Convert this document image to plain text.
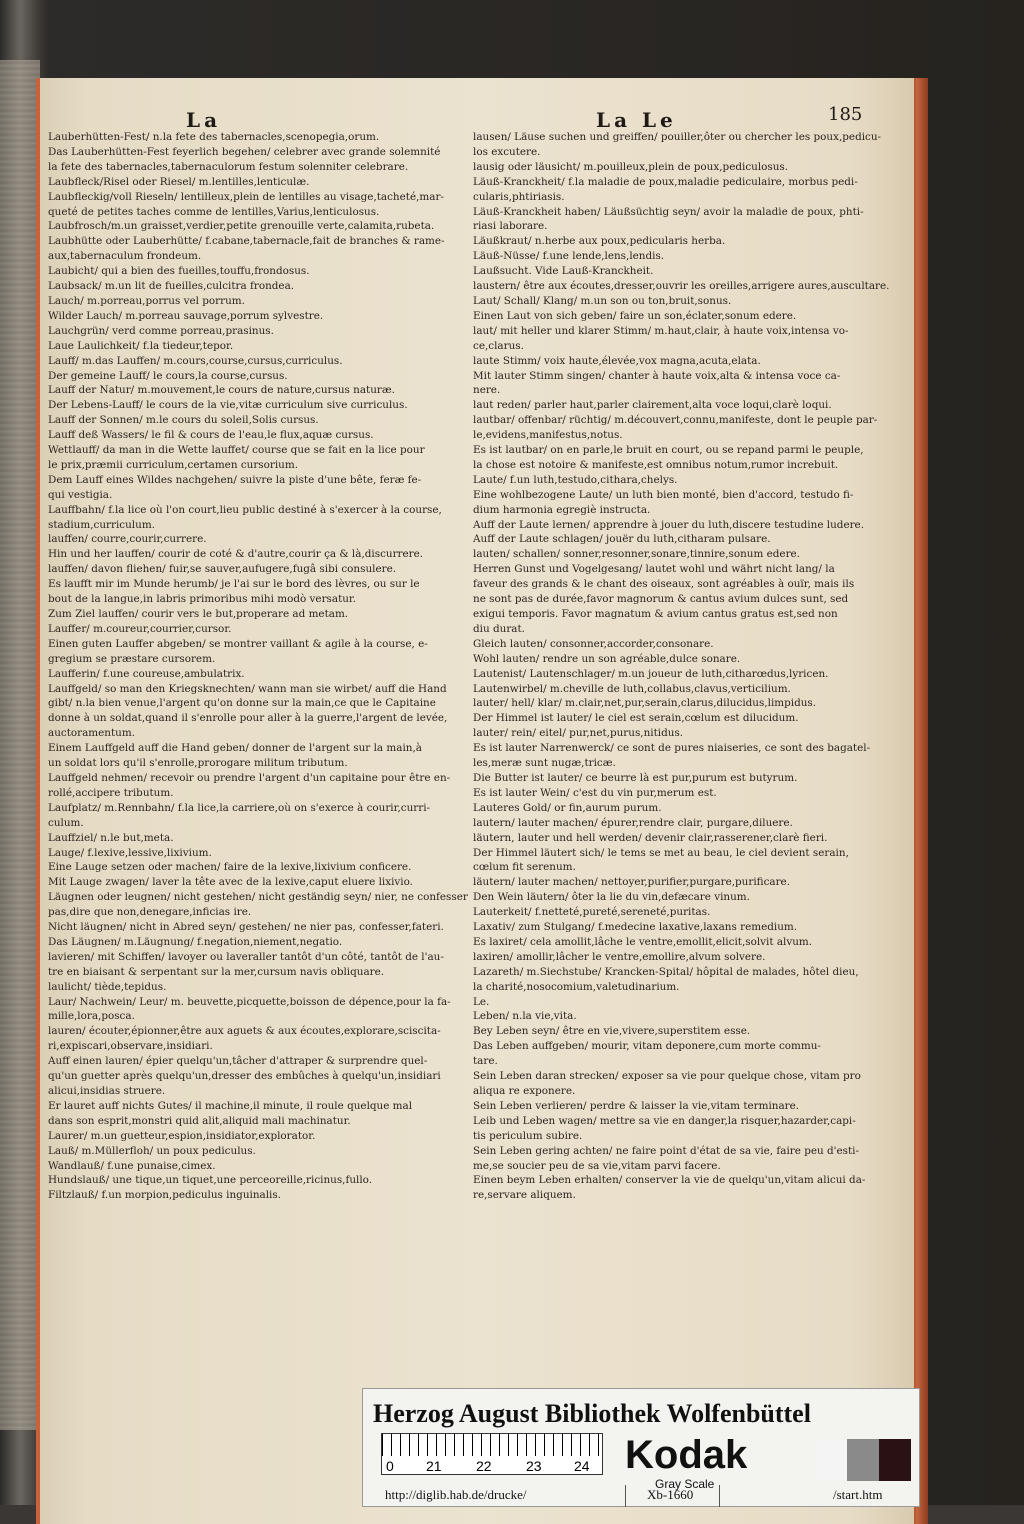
La	La Le	185
Lauberhütten-Fest/ n.la fete des tabernacles,scenopegia,orum.
Das Lauberhütten-Fest feyerlich begehen/ celebrer avec grande solemnité
la fete des tabernacles,tabernaculorum festum solenniter celebrare.
Laubfleck/Risel oder Riesel/ m.lentilles,lenticulæ.
Laubfleckig/voll Rieseln/ lentilleux,plein de lentilles au visage,tacheté,mar-
queté de petites taches comme de lentilles,Varius,lenticulosus.
Laubfrosch/m.un graisset,verdier,petite grenouille verte,calamita,rubeta.
Laubhütte oder Lauberhütte/ f.cabane,tabernacle,fait de branches & rame-
aux,tabernaculum frondeum.
Laubicht/ qui a bien des fueilles,touffu,frondosus.
Laubsack/ m.un lit de fueilles,culcitra frondea.
Lauch/ m.porreau,porrus vel porrum.
Wilder Lauch/ m.porreau sauvage,porrum sylvestre.
Lauchgrün/ verd comme porreau,prasinus.
Laue Laulichkeit/ f.la tiedeur,tepor.
Lauff/ m.das Lauffen/ m.cours,course,cursus,curriculus.
Der gemeine Lauff/ le cours,la course,cursus.
Lauff der Natur/ m.mouvement,le cours de nature,cursus naturæ.
Der Lebens-Lauff/ le cours de la vie,vitæ curriculum sive curriculus.
Lauff der Sonnen/ m.le cours du soleil,Solis cursus.
Lauff deß Wassers/ le fil & cours de l'eau,le flux,aquæ cursus.
Wettlauff/ da man in die Wette lauffet/ course que se fait en la lice pour
le prix,præmii curriculum,certamen cursorium.
Dem Lauff eines Wildes nachgehen/ suivre la piste d'une bête, feræ fe-
qui vestigia.
Lauffbahn/ f.la lice où l'on court,lieu public destiné à s'exercer à la course,
stadium,curriculum.
lauffen/ courre,courir,currere.
Hin und her lauffen/ courir de coté & d'autre,courir ça & là,discurrere.
lauffen/ davon fliehen/ fuir,se sauver,aufugere,fugâ sibi consulere.
Es laufft mir im Munde herumb/ je l'ai sur le bord des lèvres, ou sur le
bout de la langue,in labris primoribus mihi modò versatur.
Zum Ziel lauffen/ courir vers le but,properare ad metam.
Lauffer/ m.coureur,courrier,cursor.
Einen guten Lauffer abgeben/ se montrer vaillant & agile à la course, e-
gregium se præstare cursorem.
Laufferin/ f.une coureuse,ambulatrix.
Lauffgeld/ so man den Kriegsknechten/ wann man sie wirbet/ auff die Hand
gibt/ n.la bien venue,l'argent qu'on donne sur la main,ce que le Capitaine
donne à un soldat,quand il s'enrolle pour aller à la guerre,l'argent de levée,
auctoramentum.
Einem Lauffgeld auff die Hand geben/ donner de l'argent sur la main,à
un soldat lors qu'il s'enrolle,prorogare militum tributum.
Lauffgeld nehmen/ recevoir ou prendre l'argent d'un capitaine pour être en-
rollé,accipere tributum.
Laufplatz/ m.Rennbahn/ f.la lice,la carriere,où on s'exerce à courir,curri-
culum.
Lauffziel/ n.le but,meta.
Lauge/ f.lexive,lessive,lixivium.
Eine Lauge setzen oder machen/ faire de la lexive,lixivium conficere.
Mit Lauge zwagen/ laver la tête avec de la lexive,caput eluere lixivio.
Läugnen oder leugnen/ nicht gestehen/ nicht geständig seyn/ nier, ne confesser
pas,dire que non,denegare,inficias ire.
Nicht läugnen/ nicht in Abred seyn/ gestehen/ ne nier pas, confesser,fateri.
Das Läugnen/ m.Läugnung/ f.negation,niement,negatio.
lavieren/ mit Schiffen/ lavoyer ou laveraller tantôt d'un côté, tantôt de l'au-
tre en biaisant & serpentant sur la mer,cursum navis obliquare.
laulicht/ tiède,tepidus.
Laur/ Nachwein/ Leur/ m. beuvette,picquette,boisson de dépence,pour la fa-
mille,lora,posca.
lauren/ écouter,épionner,être aux aguets & aux écoutes,explorare,sciscita-
ri,expiscari,observare,insidiari.
Auff einen lauren/ épier quelqu'un,tâcher d'attraper & surprendre quel-
qu'un guetter après quelqu'un,dresser des embûches à quelqu'un,insidiari
alicui,insidias struere.
Er lauret auff nichts Gutes/ il machine,il minute, il roule quelque mal
dans son esprit,monstri quid alit,aliquid mali machinatur.
Laurer/ m.un guetteur,espion,insidiator,explorator.
Lauß/ m.Müllerfloh/ un poux pediculus.
Wandlauß/ f.une punaise,cimex.
Hundslauß/ une tique,un tiquet,une perceoreille,ricinus,fullo.
Filtzlauß/ f.un morpion,pediculus inguinalis.
lausen/ Läuse suchen und greiffen/ pouiller,ôter ou chercher les poux,pedicu-
los excutere.
lausig oder läusicht/ m.pouilleux,plein de poux,pediculosus.
Läuß-Kranckheit/ f.la maladie de poux,maladie pediculaire, morbus pedi-
cularis,phtiriasis.
Läuß-Kranckheit haben/ Läußsüchtig seyn/ avoir la maladie de poux, phti-
riasi laborare.
Läußkraut/ n.herbe aux poux,pedicularis herba.
Läuß-Nüsse/ f.une lende,lens,lendis.
Laußsucht. Vide Lauß-Kranckheit.
laustern/ être aux écoutes,dresser,ouvrir les oreilles,arrigere aures,auscultare.
Laut/ Schall/ Klang/ m.un son ou ton,bruit,sonus.
Einen Laut von sich geben/ faire un son,éclater,sonum edere.
laut/ mit heller und klarer Stimm/ m.haut,clair, à haute voix,intensa vo-
ce,clarus.
laute Stimm/ voix haute,élevée,vox magna,acuta,elata.
Mit lauter Stimm singen/ chanter à haute voix,alta & intensa voce ca-
nere.
laut reden/ parler haut,parler clairement,alta voce loqui,clarè loqui.
lautbar/ offenbar/ rüchtig/ m.découvert,connu,manifeste, dont le peuple par-
le,evidens,manifestus,notus.
Es ist lautbar/ on en parle,le bruit en court, ou se repand parmi le peuple,
la chose est notoire & manifeste,est omnibus notum,rumor increbuit.
Laute/ f.un luth,testudo,cithara,chelys.
Eine wohlbezogene Laute/ un luth bien monté, bien d'accord, testudo fi-
dium harmonia egregiè instructa.
Auff der Laute lernen/ apprendre à jouer du luth,discere testudine ludere.
Auff der Laute schlagen/ jouër du luth,citharam pulsare.
lauten/ schallen/ sonner,resonner,sonare,tinnire,sonum edere.
Herren Gunst und Vogelgesang/ lautet wohl und währt nicht lang/ la
faveur des grands & le chant des oiseaux, sont agréables à ouïr, mais ils
ne sont pas de durée,favor magnorum & cantus avium dulces sunt, sed
exigui temporis. Favor magnatum & avium cantus gratus est,sed non
diu durat.
Gleich lauten/ consonner,accorder,consonare.
Wohl lauten/ rendre un son agréable,dulce sonare.
Lautenist/ Lautenschlager/ m.un joueur de luth,citharœdus,lyricen.
Lautenwirbel/ m.cheville de luth,collabus,clavus,verticilium.
lauter/ hell/ klar/ m.clair,net,pur,serain,clarus,dilucidus,limpidus.
Der Himmel ist lauter/ le ciel est serain,cœlum est dilucidum.
lauter/ rein/ eitel/ pur,net,purus,nitidus.
Es ist lauter Narrenwerck/ ce sont de pures niaiseries, ce sont des bagatel-
les,meræ sunt nugæ,tricæ.
Die Butter ist lauter/ ce beurre là est pur,purum est butyrum.
Es ist lauter Wein/ c'est du vin pur,merum est.
Lauteres Gold/ or fin,aurum purum.
lautern/ lauter machen/ épurer,rendre clair, purgare,diluere.
läutern, lauter und hell werden/ devenir clair,rasserener,clarè fieri.
Der Himmel läutert sich/ le tems se met au beau, le ciel devient serain,
cœlum fit serenum.
läutern/ lauter machen/ nettoyer,purifier,purgare,purificare.
Den Wein läutern/ ôter la lie du vin,defæcare vinum.
Lauterkeit/ f.netteté,pureté,sereneté,puritas.
Laxativ/ zum Stulgang/ f.medecine laxative,laxans remedium.
Es laxiret/ cela amollit,lâche le ventre,emollit,elicit,solvit alvum.
laxiren/ amollir,lâcher le ventre,emollire,alvum solvere.
Lazareth/ m.Siechstube/ Krancken-Spital/ hôpital de malades, hôtel dieu,
la charité,nosocomium,valetudinarium.
Le.
Leben/ n.la vie,vita.
Bey Leben seyn/ être en vie,vivere,superstitem esse.
Das Leben auffgeben/ mourir, vitam deponere,cum morte commu-
tare.
Sein Leben daran strecken/ exposer sa vie pour quelque chose, vitam pro
aliqua re exponere.
Sein Leben verlieren/ perdre & laisser la vie,vitam terminare.
Leib und Leben wagen/ mettre sa vie en danger,la risquer,hazarder,capi-
tis periculum subire.
Sein Leben gering achten/ ne faire point d'état de sa vie, faire peu d'esti-
me,se soucier peu de sa vie,vitam parvi facere.
Einen beym Leben erhalten/ conserver la vie de quelqu'un,vitam alicui da-
re,servare aliquem.
Herzog August Bibliothek Wolfenbüttel
0 21 22 23 24 Kodak
Gray Scale
http://diglib.hab.de/drucke/	Xb-1660	/start.htm
